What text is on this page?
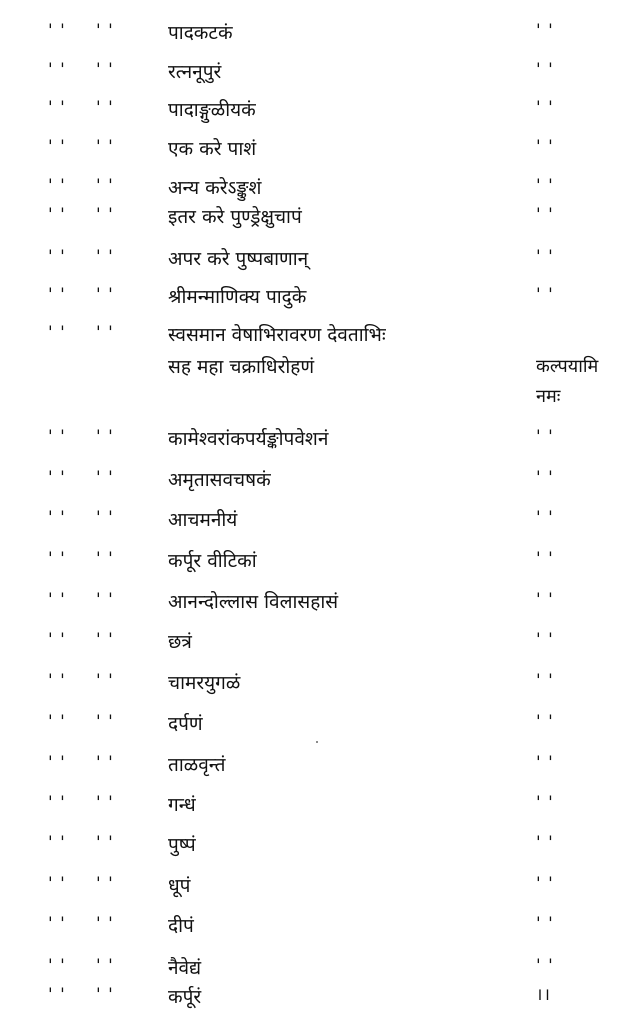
' ' ' '	पादकटकं	' '
' ' ' '	रत्ननूपुरं	' '
' ' ' '	पादाङ्गुळीयकं	' '
' ' ' '	एक करे पाशं	' '
' ' ' '	अन्य करेऽङ्कुशं	' '
' ' ' '	इतर करे पुण्ड्रेक्षुचापं	' '
' ' ' '	अपर करे पुष्पबाणान्	' '
' ' ' '	श्रीमन्माणिक्य पादुके	' '
' ' ' '	स्वसमान वेषाभिरावरण देवताभिः
सह महा चक्राधिरोहणं	कल्पयामि
नमः
' ' ' '	कामेश्वरांकपर्यङ्कोपवेशनं	' '
' ' ' '	अमृतासवचषकं	' '
' ' ' '	आचमनीयं	' '
' ' ' '	कर्पूर वीटिकां	' '
' ' ' '	आनन्दोल्लास विलासहासं	' '
' ' ' '	छत्रं	' '
' ' ' '	चामरयुगळं	' '
' ' ' '	दर्पणं	' '
' ' ' '	ताळवृन्तं	' '
' ' ' '	गन्धं	' '
' ' ' '	पुष्पं	' '
' ' ' '	धूपं	' '
' ' ' '	दीपं	' '
' ' ' '	नैवेद्यं	' '
' ' ' '	कर्पूरं	।।
